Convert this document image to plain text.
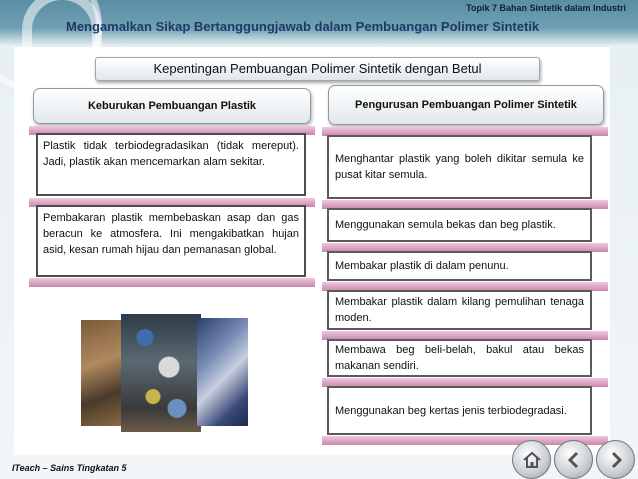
Topik 7 Bahan Sintetik dalam Industri
Mengamalkan Sikap Bertanggungjawab dalam Pembuangan Polimer Sintetik
Kepentingan Pembuangan Polimer Sintetik dengan Betul
Keburukan Pembuangan Plastik	Pengurusan Pembuangan Polimer Sintetik
Plastik tidak terbiodegradasikan (tidak mereput). Jadi, plastik akan mencemarkan alam sekitar.
Pembakaran plastik membebaskan asap dan gas beracun ke atmosfera. Ini mengakibatkan hujan asid, kesan rumah hijau dan pemanasan global.
Menghantar plastik yang boleh dikitar semula ke pusat kitar semula.
Menggunakan semula bekas dan beg plastik.
Membakar plastik di dalam penunu.
Membakar plastik dalam kilang pemulihan tenaga moden.
Membawa beg beli-belah, bakul atau bekas makanan sendiri.
Menggunakan beg kertas jenis terbiodegradasi.
ITeach – Sains Tingkatan 5
